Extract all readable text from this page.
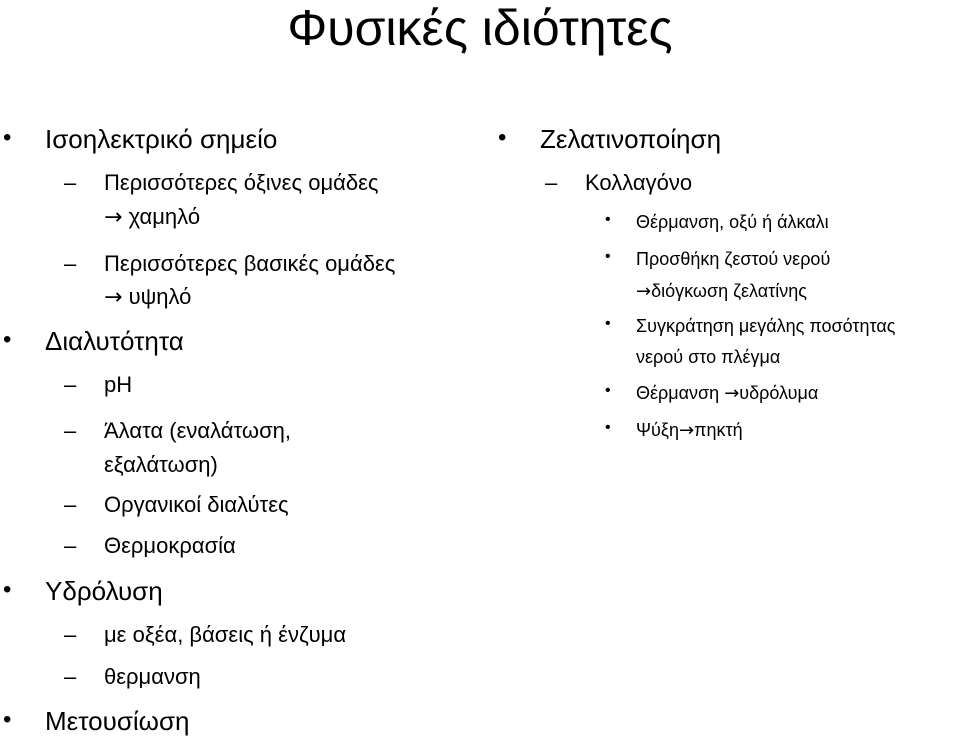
Φυσικές ιδιότητες
• Ισοηλεκτρικό σημείο
– Περισσότερες όξινες ομάδες
→ χαμηλό
– Περισσότερες βασικές ομάδες
→ υψηλό
• Διαλυτότητα
– pH
– Άλατα (εναλάτωση,
εξαλάτωση)
– Οργανικοί διαλύτες
– Θερμοκρασία
• Υδρόλυση
– με οξέα, βάσεις ή ένζυμα
– θερμανση
• Μετουσίωση
• Ζελατινοποίηση
– Κολλαγόνο
• Θέρμανση, οξύ ή άλκαλι
• Προσθήκη ζεστού νερού
→διόγκωση ζελατίνης
• Συγκράτηση μεγάλης ποσότητας
νερού στο πλέγμα
• Θέρμανση →υδρόλυμα
• Ψύξη→πηκτή
